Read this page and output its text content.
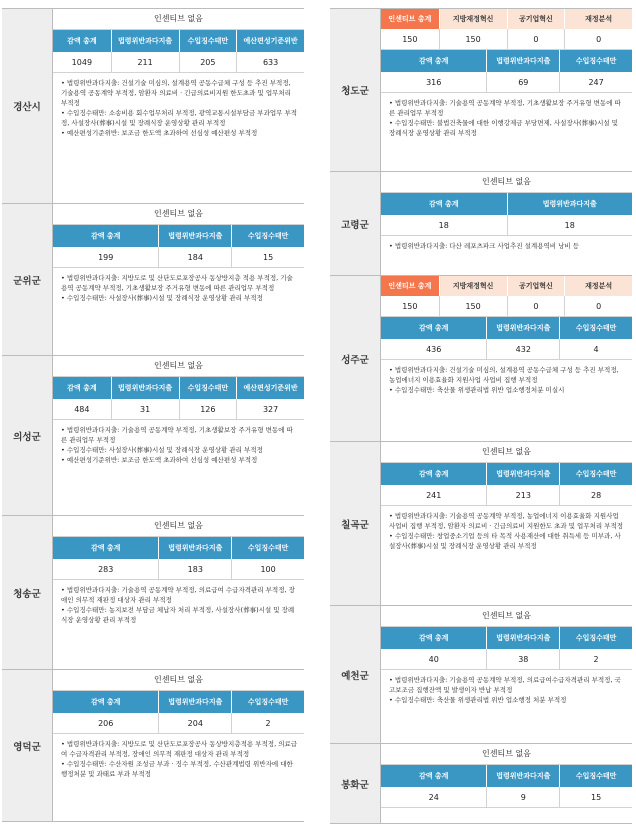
경산시
인센티브 없음
감액 총계	법령위반과다지출	수입징수태만	예산편성기준위반
1049	211	205	633

• 법령위반과다지출: 건설기술 미심의, 설계용역 공동수급체 구성 등 추진 부적정, 기술용역 공동계약 부적정, 암환자 의료비 · 긴급의료비지원 한도초과 및 업무처리 부적정

• 수입징수태만: 소송비용 회수업무처리 부적정, 광역교통시설부담금 부과업무 부적정, 사설장사(葬事)시설 및 장례식장 운영상황 관리 부적정

• 예산편성기준위반: 보조금 한도액 초과하여 선심성 예산편성 부적정

군위군
인센티브 없음
감액 총계	법령위반과다지출	수입징수태만
199	184	15

• 법령위반과다지출: 지방도로 및 산단도로포장공사 동상방지층 적용 부적정, 기술용역 공동계약 부적정, 기초생활보장 주거유형 변동에 따른 관리업무 부적정

• 수입징수태만: 사설장사(葬事)시설 및 장례식장 운영상황 관리 부적정

의성군
인센티브 없음
감액 총계	법령위반과다지출	수입징수태만	예산편성기준위반
484	31	126	327

• 법령위반과다지출: 기술용역 공동계약 부적정, 기초생활보장 주거유형 변동에 따른 관리업무 부적정

• 수입징수태만: 사설장사(葬事)시설 및 장례식장 운영상황 관리 부적정

• 예산편성기준위반: 보조금 한도액 초과하여 선심성 예산편성 부적정

청송군
인센티브 없음
감액 총계	법령위반과다지출	수입징수태만
283	183	100

• 법령위반과다지출: 기술용역 공동계약 부적정, 의료급여 수급자격관리 부적정, 장애인 의무적 재판정 대상자 관리 부적정

• 수입징수태만: 농지보전 부담금 체납자 처리 부적정, 사설장사(葬事)시설 및 장례식장 운영상황 관리 부적정

영덕군
인센티브 없음
감액 총계	법령위반과다지출	수입징수태만
206	204	2

• 법령위반과다지출: 지방도로 및 산단도로포장공사 동상방지층적용 부적정, 의료급여 수급자격관리 부적정, 장애인 의무적 재판정 대상자 관리 부적정

• 수입징수태만: 수산자원 조성금 부과 · 징수 부적정, 수산관계법령 위반자에 대한 행정처분 및 과태료 부과 부적정

청도군
인센티브 총계	지방재정혁신	공기업혁신	재정분석
150	150	0	0
감액 총계	법령위반과다지출	수입징수태만
316	69	247

• 법령위반과다지출: 기술용역 공동계약 부적정, 기초생활보장 주거유형 변동에 따른 관리업무 부적정

• 수입징수태만: 불법건축물에 대한 이행강제금 부당면제, 사설장사(葬事)시설 및 장례식장 운영상황 관리 부적정

고령군
인센티브 없음
감액 총계	법령위반과다지출
18	18

• 법령위반과다지출: 다산 레포츠파크 사업추진 설계용역비 낭비 등

성주군
인센티브 총계	지방재정혁신	공기업혁신	재정분석
150	150	0	0
감액 총계	법령위반과다지출	수입징수태만
436	432	4

• 법령위반과다지출: 건설기술 미심의, 설계용역 공동수급체 구성 등 추진 부적정, 농업에너지 이용효율화 지원사업 사업비 집행 부적정

• 수입징수태만: 축산물 위생관리법 위반 업소행정처분 미실시

칠곡군
인센티브 없음
감액 총계	법령위반과다지출	수입징수태만
241	213	28

• 법령위반과다지출: 기술용역 공동계약 부적정, 농업에너지 이용효율화 지원사업 사업비 집행 부적정, 암환자 의료비 · 긴급의료비 지원한도 초과 및 업무처리 부적정

• 수입징수태만: 창업중소기업 등의 타 목적 사용재산에 대한 취득세 등 미부과, 사설장사(葬事)시설 및 장례식장 운영상황 관리 부적정

예천군
인센티브 없음
감액 총계	법령위반과다지출	수입징수태만
40	38	2

• 법령위반과다지출: 기술용역 공동계약 부적정, 의료급여수급자격관리 부적정, 국고보조금 집행잔액 및 발생이자 반납 부적정

• 수입징수태만: 축산물 위생관리법 위반 업소행정 처분 부적정

봉화군
인센티브 없음
감액 총계	법령위반과다지출	수입징수태만
24	9	15
